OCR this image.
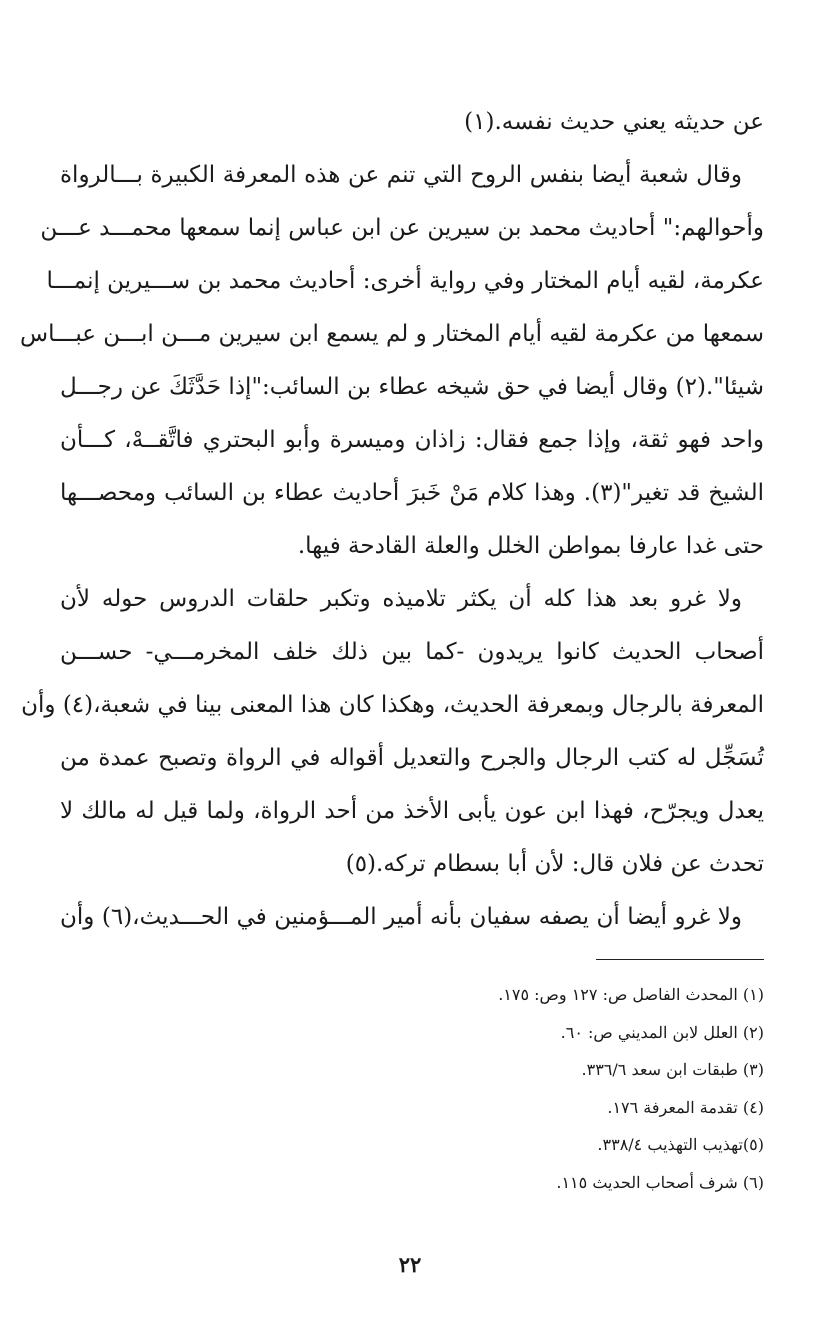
عن حديثه يعني حديث نفسه.(١)
وقال شعبة أيضا بنفس الروح التي تنم عن هذه المعرفة الكبيرة بـــالرواة
وأحوالهم:" أحاديث محمد بن سيرين عن ابن عباس إنما سمعها محمـــد عـــن
عكرمة، لقيه أيام المختار وفي رواية أخرى: أحاديث محمد بن ســـيرين إنمـــا
سمعها من عكرمة لقيه أيام المختار و لم يسمع ابن سيرين مـــن ابـــن عبـــاس
شيئا".(٢) وقال أيضا في حق شيخه عطاء بن السائب:"إذا حَدَّثَكَ عن رجـــل
واحد فهو ثقة، وإذا جمع فقال: زاذان وميسرة وأبو البحتري فاتَّقــهْ، كـــأن
الشيخ قد تغير"(٣). وهذا كلام مَنْ خَبرَ أحاديث عطاء بن السائب ومحصـــها
حتى غدا عارفا بمواطن الخلل والعلة القادحة فيها.
ولا غرو بعد هذا كله أن يكثر تلاميذه وتكبر حلقات الدروس حوله لأن
أصحاب الحديث كانوا يريدون -كما بين ذلك خلف المخرمـــي- حســـن
المعرفة بالرجال وبمعرفة الحديث، وهكذا كان هذا المعنى بينا في شعبة،(٤) وأن
تُسَجِّل له كتب الرجال والجرح والتعديل أقواله في الرواة وتصبح عمدة من
يعدل ويجرّح، فهذا ابن عون يأبى الأخذ من أحد الرواة، ولما قيل له مالك لا
تحدث عن فلان قال: لأن أبا بسطام تركه.(٥)
ولا غرو أيضا أن يصفه سفيان بأنه أمير المـــؤمنين في الحـــديث،(٦) وأن
(١) المحدث الفاصل ص: ١٢٧ وص: ١٧٥.
(٢) العلل لابن المديني ص: ٦٠.
(٣) طبقات ابن سعد ٣٣٦/٦.
(٤) تقدمة المعرفة ١٧٦.
(٥)تهذيب التهذيب ٣٣٨/٤.
(٦) شرف أصحاب الحديث ١١٥.
٢٢
